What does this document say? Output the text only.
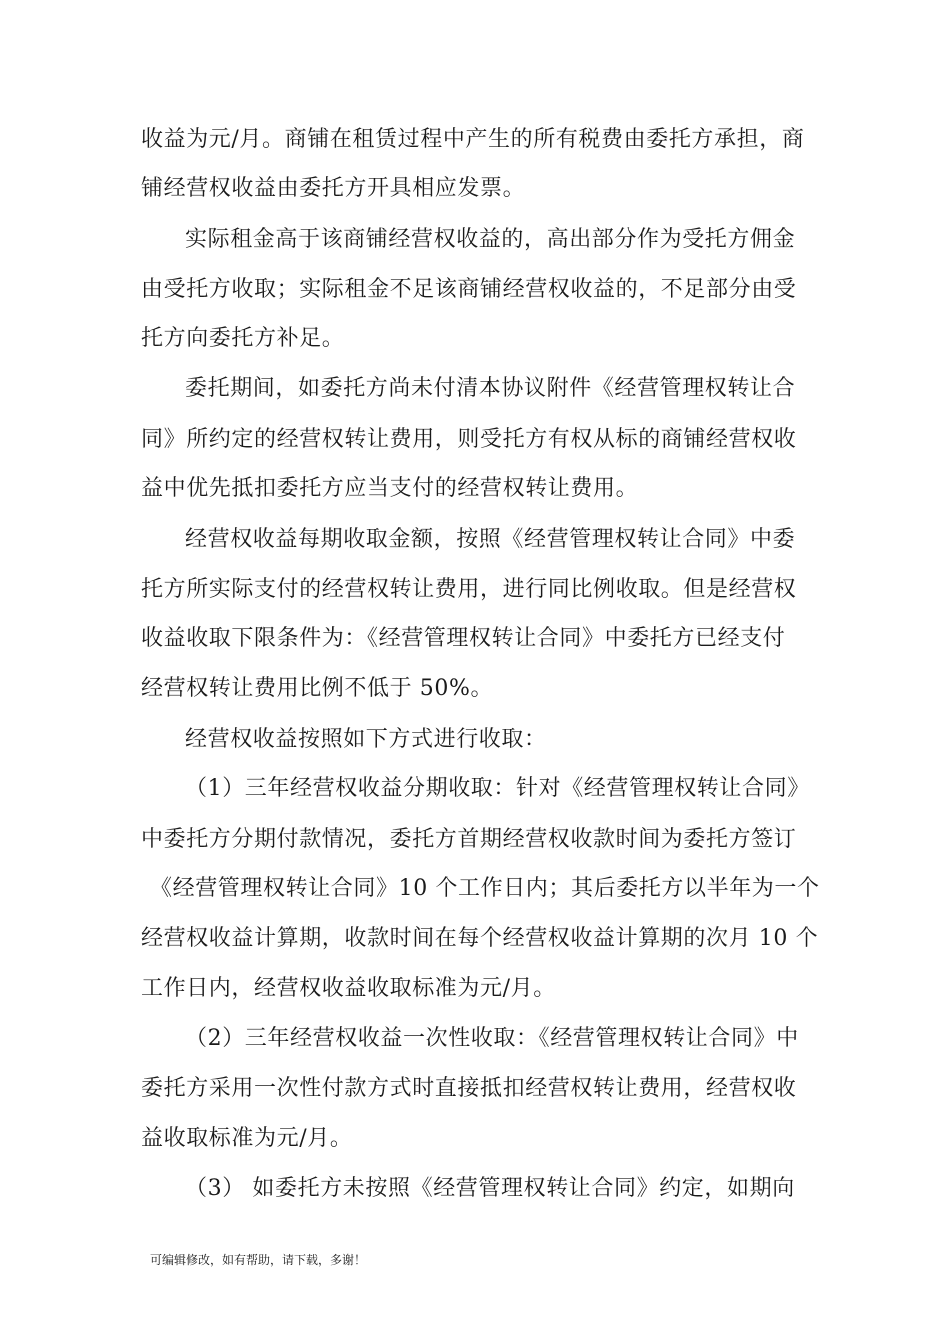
收益为元/月。商铺在租赁过程中产生的所有税费由委托方承担，商
铺经营权收益由委托方开具相应发票。
实际租金高于该商铺经营权收益的，高出部分作为受托方佣金
由受托方收取；实际租金不足该商铺经营权收益的，不足部分由受
托方向委托方补足。
委托期间，如委托方尚未付清本协议附件《经营管理权转让合
同》所约定的经营权转让费用，则受托方有权从标的商铺经营权收
益中优先抵扣委托方应当支付的经营权转让费用。
经营权收益每期收取金额，按照《经营管理权转让合同》中委
托方所实际支付的经营权转让费用，进行同比例收取。但是经营权
收益收取下限条件为：《经营管理权转让合同》中委托方已经支付
经营权转让费用比例不低于 50%。
经营权收益按照如下方式进行收取：
（1）三年经营权收益分期收取：针对《经营管理权转让合同》
中委托方分期付款情况，委托方首期经营权收款时间为委托方签订
《经营管理权转让合同》10 个工作日内；其后委托方以半年为一个
经营权收益计算期，收款时间在每个经营权收益计算期的次月 10 个
工作日内，经营权收益收取标准为元/月。
（2）三年经营权收益一次性收取：《经营管理权转让合同》中
委托方采用一次性付款方式时直接抵扣经营权转让费用，经营权收
益收取标准为元/月。
（3） 如委托方未按照《经营管理权转让合同》约定，如期向
可编辑修改，如有帮助，请下载，多谢！
